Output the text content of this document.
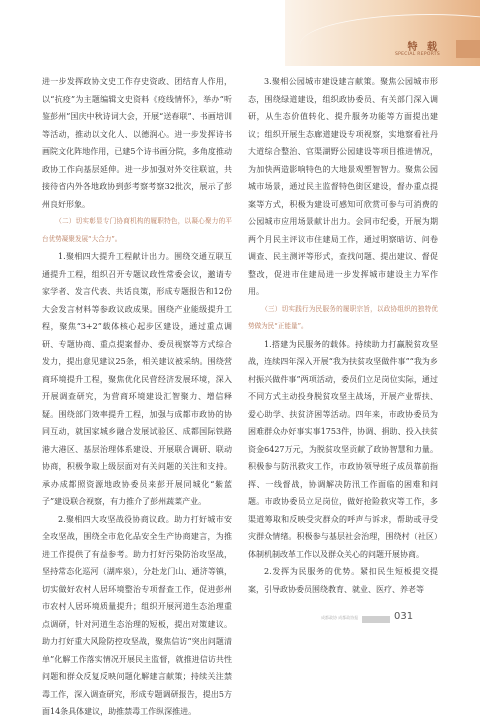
特 载
SPECIAL REPORTS

进一步发挥政协文史工作存史资政、团结育人作用，以“抗疫”为主题编辑文史资料《疫线情怀》，举办“听鉴彭州”国庆中秋诗词大会，开展“送春联”、书画培训等活动，推动以文化人、以德润心。进一步发挥诗书画院文化阵地作用，已建5个诗书画分院，多角度推动政协工作向基层延伸。进一步加强对外交往联谊，共接待省内外各地政协到彭考察考察32批次，展示了彭州良好形象。

（二）切实彰显专门协商机构的履职特色，以凝心聚力的平台优势凝聚发展“大合力”。

1.聚相四大提升工程献计出力。围绕交通互联互通提升工程，组织召开专题议政性常委会议，邀请专家学者、发言代表、共话良策，形成专题报告和12份大会发言材料等参政议政成果。围绕产业能级提升工程，聚焦“3+2”载体核心起步区建设，通过重点调研、专题协商、重点提案督办、委员视察等方式综合发力，提出意见建议25条，相关建议被采纳。围绕营商环境提升工程，聚焦优化民营经济发展环境，深入开展调查研究，为营商环境建设汇智聚力、增信释疑。围绕部门效率提升工程，加强与成都市政协的协同互动，就国家城乡融合发展试验区、成都国际铁路港大港区、基层治理体系建设、开展联合调研、联动协商，积极争取上级层面对有关问题的关注和支持。承办成都照资源地政协委员来彭开展同城化“紫蓝子”建设联合视察，有力推介了彭州蔬菜产业。

2.聚相四大攻坚战役协商议政。助力打好城市安全攻坚战，围绕全市危化品安全生产协商建言，为推进工作提供了有益参考。助力打好污染防治攻坚战，坚持常态化巡河（湖库泉），分赴龙门山、通济等镇，切实做好农村人居环境整治专项督查工作，促进彭州市农村人居环境质量提升；组织开展河道生态治理重点调研，针对河道生态治理的短板，提出对策建议。助力打好重大风险防控攻坚战，聚焦信访“突出问题清单”化解工作落实情况开展民主监督，就推进信访共性问题和群众反复反映问题化解建言献策；持续关注禁毒工作，深入调查研究，形成专题调研报告，提出5方面14条具体建议，助推禁毒工作纵深推进。

3.聚相公园城市建设建言献策。聚焦公园城市形态，围绕绿道建设，组织政协委员、有关部门深入调研，从生态价值转化、提升服务功能等方面提出建议；组织开展生态廊道建设专项视察，实地察看社丹大道综合整治、官渠湖野公园建设等项目推进情况，为加快两造影响特色的大地景观塑智智力。聚焦公园城市场景，通过民主监督特色街区建设，督办重点提案等方式，积极为建设可感知可欣赏可参与可消费的公园城市应用场景献计出力。会同市纪委，开展为期两个月民主评议市住建局工作，通过明察暗访、问卷调查、民主测评等形式，查找问题、提出建议、督促整改，促进市住建局进一步发挥城市建设主力军作用。

（三）切实践行为民服务的履职宗旨，以政协组织的独特优势做为民“正能量”。

1.搭建为民服务的载体。持续助力打赢脱贫攻坚战，连续四年深入开展“我为扶贫攻坚做件事”“我为乡村振兴做件事”两项活动，委员们立足岗位实际，通过不同方式主动投身脱贫攻坚主战场，开展产业帮扶、爱心助学、扶贫济困等活动。四年来，市政协委员为困难群众办好事实事1753件，协调、捐助、投入扶贫资金6427万元，为脱贫攻坚贡献了政协智慧和力量。积极参与防汛救灾工作，市政协领导班子成员靠前指挥、一线督战，协调解决防汛工作面临的困难和问题。市政协委员立足岗位，做好抢险救灾等工作，多渠道筹取和反映受灾群众的呼声与诉求，帮助或寻受灾群众情绪。积极参与基层社会治理，围绕村（社区）体制机制改革工作以及群众关心的问题开展协商。

2.发挥为民服务的优势。紧扣民生短板提交提案，引导政协委员围绕教育、就业、医疗、养老等

成都政协 成都政协报	031
